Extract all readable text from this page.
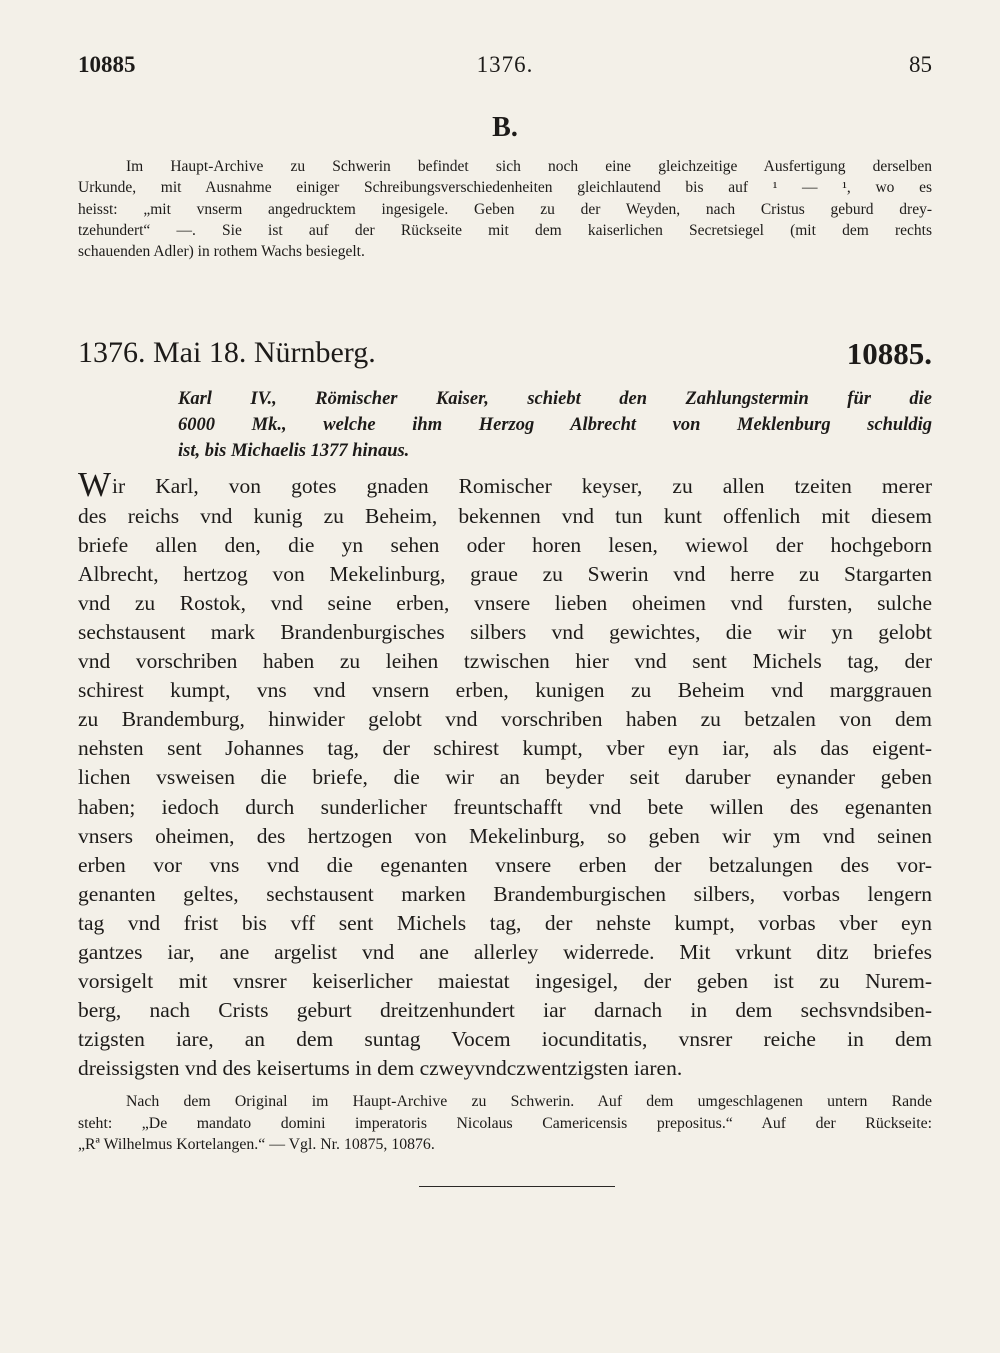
10885	1376.	85
B.
Im Haupt-Archive zu Schwerin befindet sich noch eine gleichzeitige Ausfertigung derselben
Urkunde, mit Ausnahme einiger Schreibungsverschiedenheiten gleichlautend bis auf ¹ — ¹, wo es
heisst: „mit vnserm angedrucktem ingesigele. Geben zu der Weyden, nach Cristus geburd drey-
tzehundert“ —. Sie ist auf der Rückseite mit dem kaiserlichen Secretsiegel (mit dem rechts
schauenden Adler) in rothem Wachs besiegelt.
1376. Mai 18. Nürnberg.	10885.
Karl IV., Römischer Kaiser, schiebt den Zahlungstermin für die
6000 Mk., welche ihm Herzog Albrecht von Meklenburg schuldig
ist, bis Michaelis 1377 hinaus.
Wir Karl, von gotes gnaden Romischer keyser, zu allen tzeiten merer
des reichs vnd kunig zu Beheim, bekennen vnd tun kunt offenlich mit diesem
briefe allen den, die yn sehen oder horen lesen, wiewol der hochgeborn
Albrecht, hertzog von Mekelinburg, graue zu Swerin vnd herre zu Stargarten
vnd zu Rostok, vnd seine erben, vnsere lieben oheimen vnd fursten, sulche
sechstausent mark Brandenburgisches silbers vnd gewichtes, die wir yn gelobt
vnd vorschriben haben zu leihen tzwischen hier vnd sent Michels tag, der
schirest kumpt, vns vnd vnsern erben, kunigen zu Beheim vnd marggrauen
zu Brandemburg, hinwider gelobt vnd vorschriben haben zu betzalen von dem
nehsten sent Johannes tag, der schirest kumpt, vber eyn iar, als das eigent-
lichen vsweisen die briefe, die wir an beyder seit daruber eynander geben
haben; iedoch durch sunderlicher freuntschafft vnd bete willen des egenanten
vnsers oheimen, des hertzogen von Mekelinburg, so geben wir ym vnd seinen
erben vor vns vnd die egenanten vnsere erben der betzalungen des vor-
genanten geltes, sechstausent marken Brandemburgischen silbers, vorbas lengern
tag vnd frist bis vff sent Michels tag, der nehste kumpt, vorbas vber eyn
gantzes iar, ane argelist vnd ane allerley widerrede. Mit vrkunt ditz briefes
vorsigelt mit vnsrer keiserlicher maiestat ingesigel, der geben ist zu Nurem-
berg, nach Crists geburt dreitzenhundert iar darnach in dem sechsvndsiben-
tzigsten iare, an dem suntag Vocem iocunditatis, vnsrer reiche in dem
dreissigsten vnd des keisertums in dem czweyvndczwentzigsten iaren.
Nach dem Original im Haupt-Archive zu Schwerin. Auf dem umgeschlagenen untern Rande
steht: „De mandato domini imperatoris Nicolaus Camericensis prepositus.“ Auf der Rückseite:
„Rª Wilhelmus Kortelangen.“ — Vgl. Nr. 10875, 10876.
